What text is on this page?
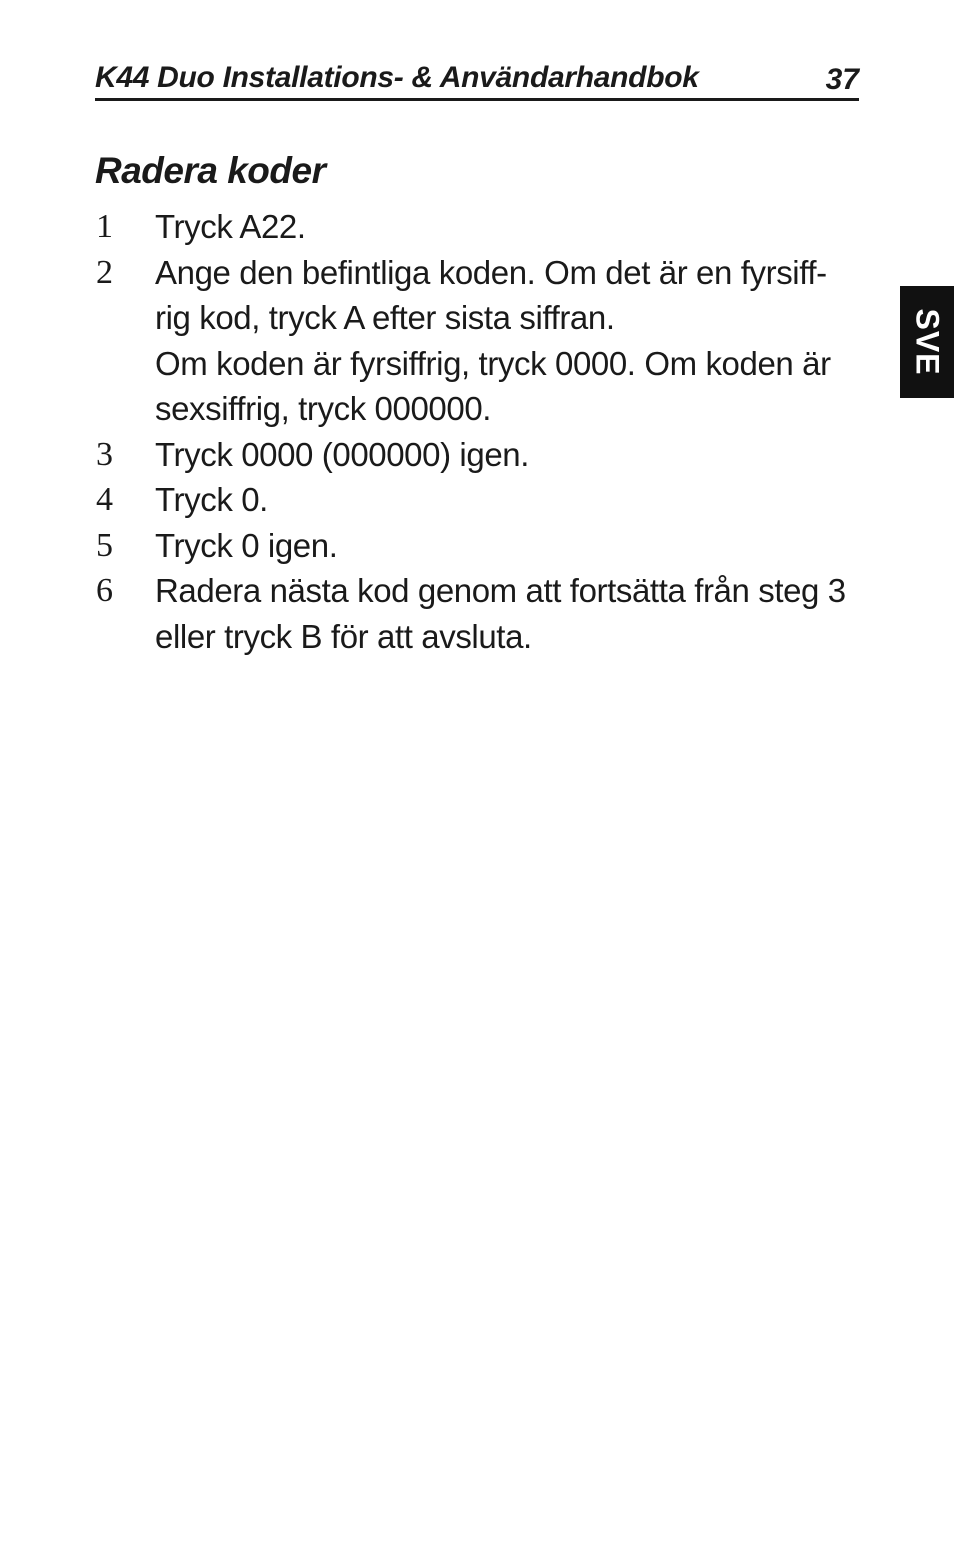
K44 Duo Installations- & Användarhandbok	37
Radera koder
1 Tryck A22.
2 Ange den befintliga koden. Om det är en fyrsiff-
rig kod, tryck A efter sista siffran.
Om koden är fyrsiffrig, tryck 0000. Om koden är
sexsiffrig, tryck 000000.
3 Tryck 0000 (000000) igen.
4 Tryck 0.
5 Tryck 0 igen.
6 Radera nästa kod genom att fortsätta från steg 3
eller tryck B för att avsluta.
SVE
